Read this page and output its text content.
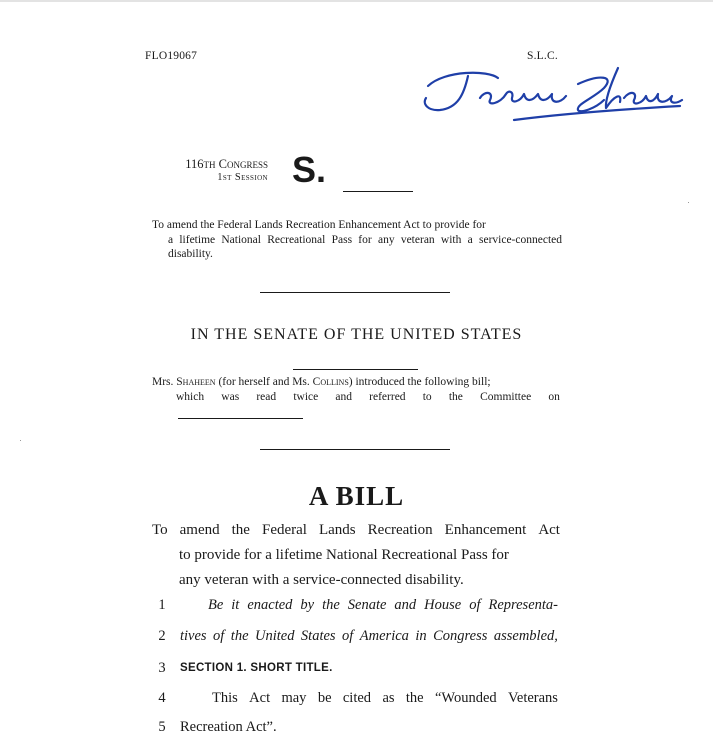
FLO19067	S.L.C.
Jeanne Shaheen
116th Congress
1st Session S.
To amend the Federal Lands Recreation Enhancement Act to provide for
a lifetime National Recreational Pass for any veteran with a service-connected disability.
IN THE SENATE OF THE UNITED STATES
Mrs. Shaheen (for herself and Ms. Collins) introduced the following bill;
which was read twice and referred to the Committee on
A BILL
To amend the Federal Lands Recreation Enhancement Act
to provide for a lifetime National Recreational Pass for
any veteran with a service-connected disability.
1	Be it enacted by the Senate and House of Representa-
2 tives of the United States of America in Congress assembled,
3	SECTION 1. SHORT TITLE.
4	This Act may be cited as the “Wounded Veterans
5 Recreation Act”.
